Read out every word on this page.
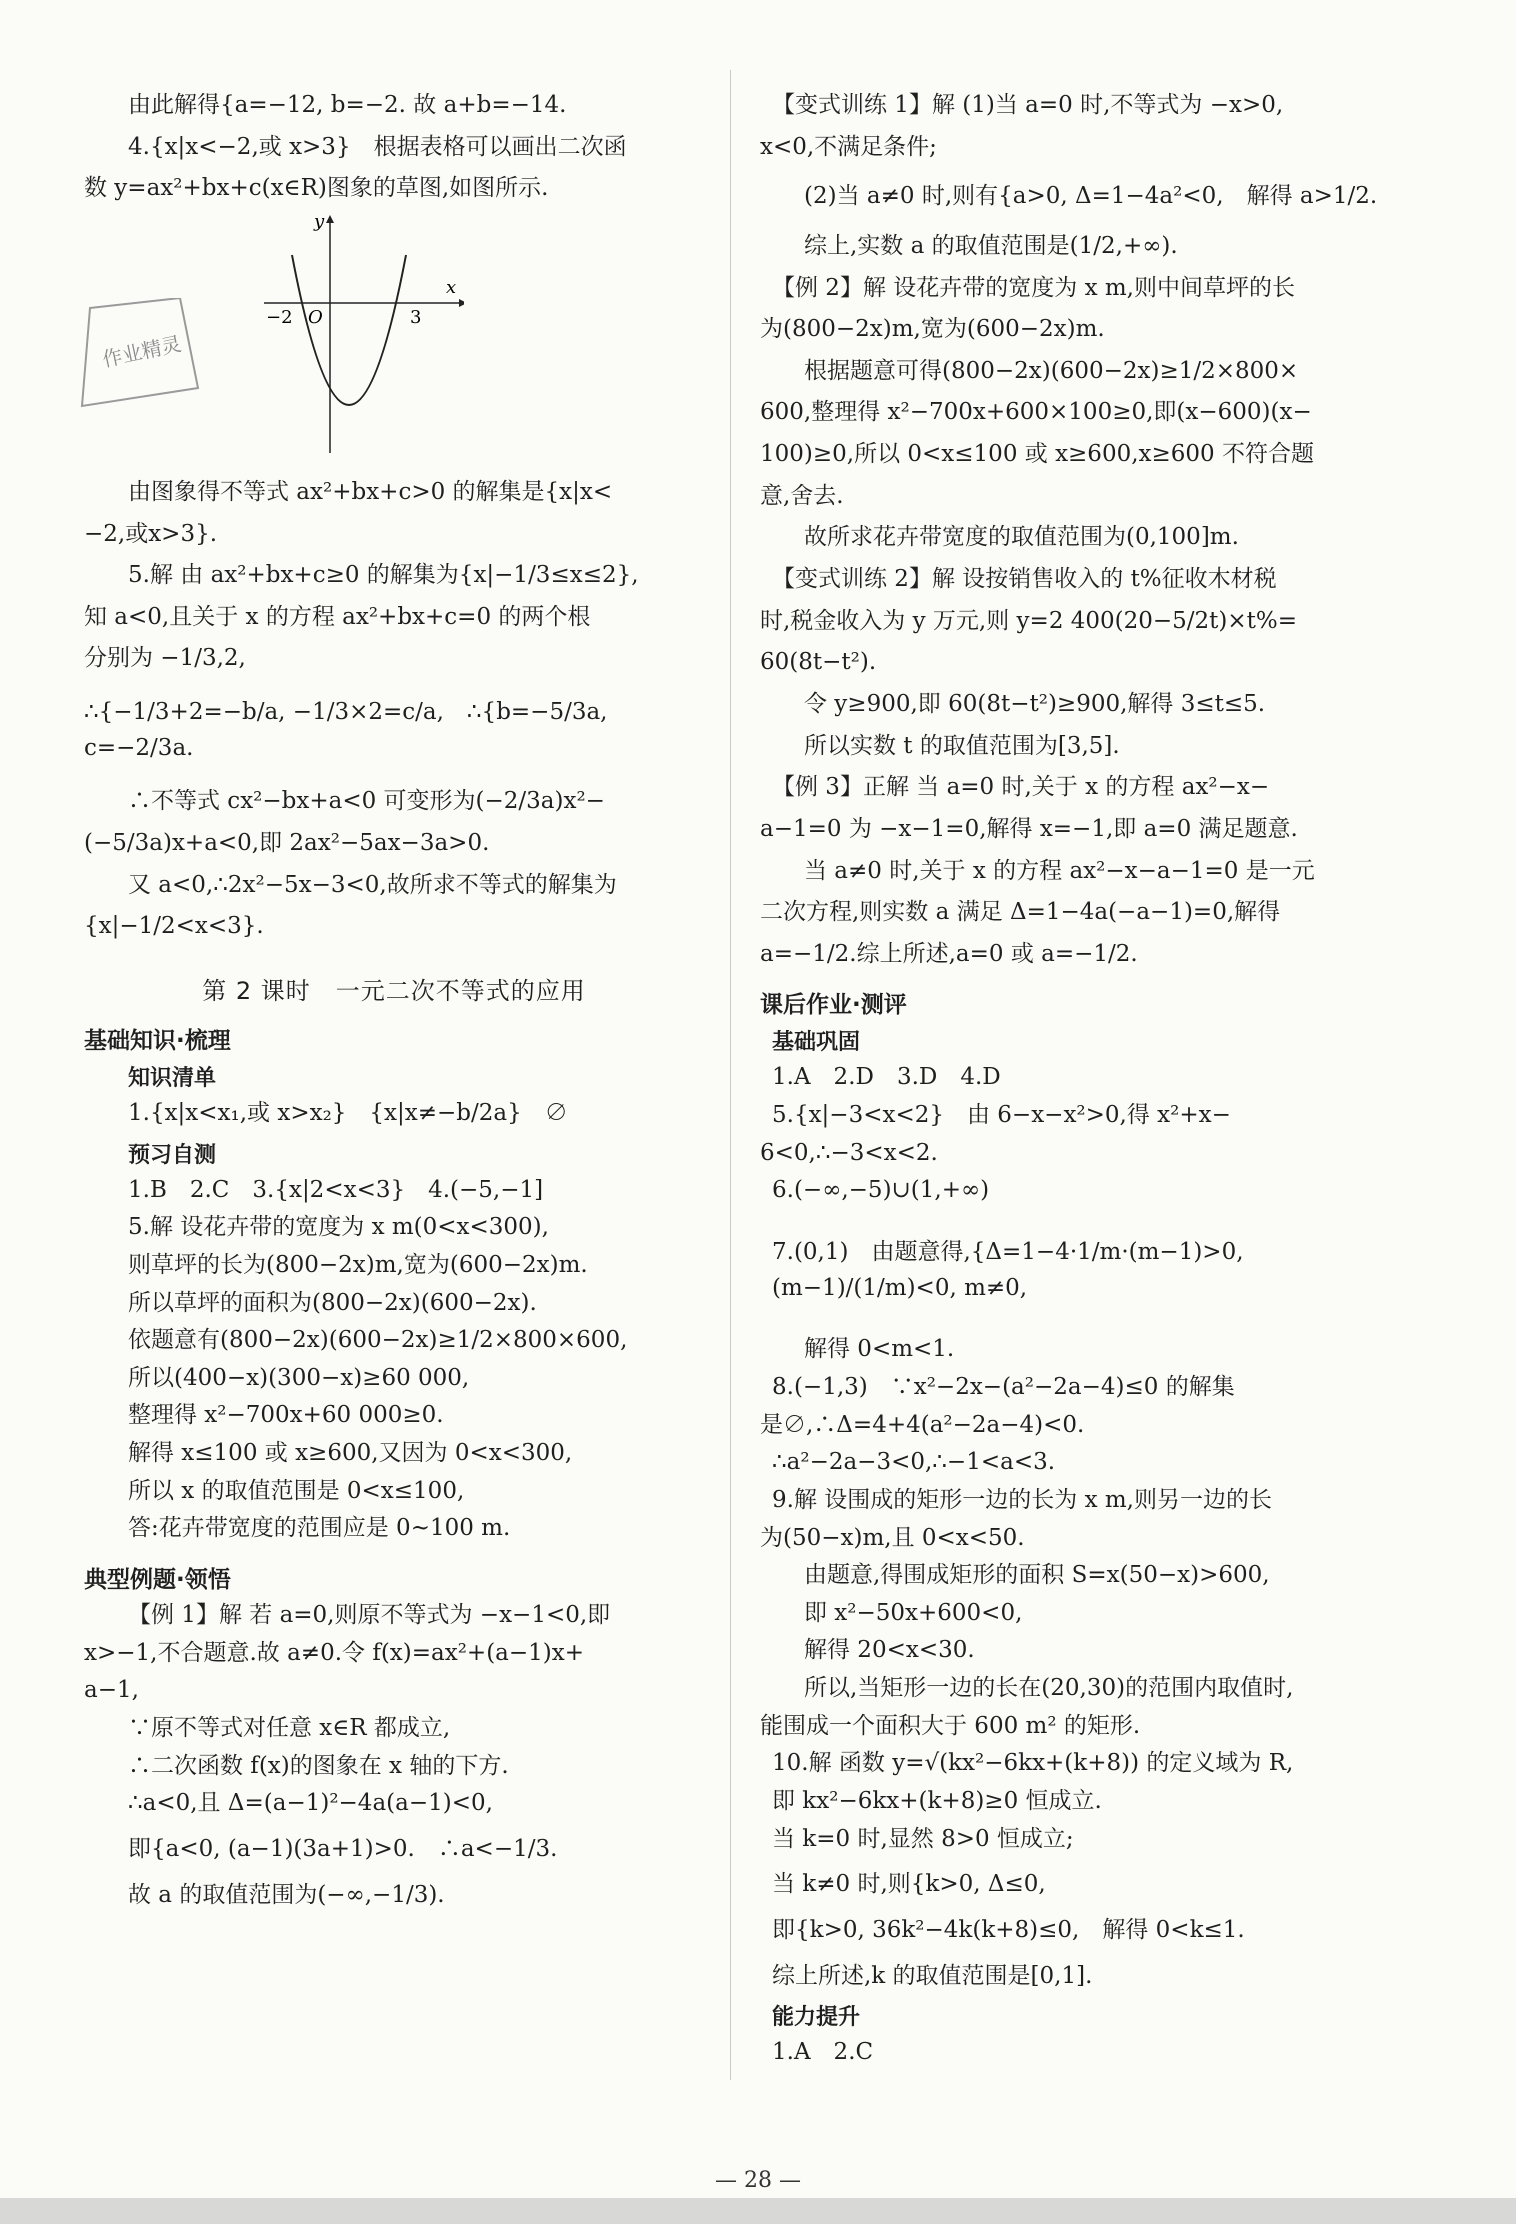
由此解得{a=−12, b=−2. 故 a+b=−14.

4.{x|x<−2,或 x>3}　根据表格可以画出二次函

数 y=ax²+bx+c(x∈R)图象的草图,如图所示.

y
x
O
−2	3

由图象得不等式 ax²+bx+c>0 的解集是{x|x<

−2,或x>3}.

5.解 由 ax²+bx+c≥0 的解集为{x|−1/3≤x≤2},

知 a<0,且关于 x 的方程 ax²+bx+c=0 的两个根

分别为 −1/3,2,

∴{−1/3+2=−b/a, −1/3×2=c/a,　∴{b=−5/3a, c=−2/3a.

∴不等式 cx²−bx+a<0 可变形为(−2/3a)x²−

(−5/3a)x+a<0,即 2ax²−5ax−3a>0.

又 a<0,∴2x²−5x−3<0,故所求不等式的解集为

{x|−1/2<x<3}.

第 2 课时　一元二次不等式的应用
基础知识·梳理
知识清单

1.{x|x<x₁,或 x>x₂}　{x|x≠−b/2a}　∅

预习自测

1.B　2.C　3.{x|2<x<3}　4.(−5,−1]

5.解 设花卉带的宽度为 x m(0<x<300),

则草坪的长为(800−2x)m,宽为(600−2x)m.

所以草坪的面积为(800−2x)(600−2x).

依题意有(800−2x)(600−2x)≥1/2×800×600,

所以(400−x)(300−x)≥60 000,

整理得 x²−700x+60 000≥0.

解得 x≤100 或 x≥600,又因为 0<x<300,

所以 x 的取值范围是 0<x≤100,

答:花卉带宽度的范围应是 0~100 m.

典型例题·领悟

【例 1】解 若 a=0,则原不等式为 −x−1<0,即

x>−1,不合题意.故 a≠0.令 f(x)=ax²+(a−1)x+

a−1,

∵原不等式对任意 x∈R 都成立,

∴二次函数 f(x)的图象在 x 轴的下方.

∴a<0,且 Δ=(a−1)²−4a(a−1)<0,

即{a<0, (a−1)(3a+1)>0.　∴a<−1/3.

故 a 的取值范围为(−∞,−1/3).

作业精灵

【变式训练 1】解 (1)当 a=0 时,不等式为 −x>0,

x<0,不满足条件;

(2)当 a≠0 时,则有{a>0, Δ=1−4a²<0,　解得 a>1/2.

综上,实数 a 的取值范围是(1/2,+∞).

【例 2】解 设花卉带的宽度为 x m,则中间草坪的长

为(800−2x)m,宽为(600−2x)m.

根据题意可得(800−2x)(600−2x)≥1/2×800×

600,整理得 x²−700x+600×100≥0,即(x−600)(x−

100)≥0,所以 0<x≤100 或 x≥600,x≥600 不符合题

意,舍去.

故所求花卉带宽度的取值范围为(0,100]m.

【变式训练 2】解 设按销售收入的 t%征收木材税

时,税金收入为 y 万元,则 y=2 400(20−5/2t)×t%=

60(8t−t²).

令 y≥900,即 60(8t−t²)≥900,解得 3≤t≤5.

所以实数 t 的取值范围为[3,5].

【例 3】正解 当 a=0 时,关于 x 的方程 ax²−x−

a−1=0 为 −x−1=0,解得 x=−1,即 a=0 满足题意.

当 a≠0 时,关于 x 的方程 ax²−x−a−1=0 是一元

二次方程,则实数 a 满足 Δ=1−4a(−a−1)=0,解得

a=−1/2.综上所述,a=0 或 a=−1/2.

课后作业·测评
基础巩固

1.A　2.D　3.D　4.D

5.{x|−3<x<2}　由 6−x−x²>0,得 x²+x−

6<0,∴−3<x<2.

6.(−∞,−5)∪(1,+∞)

7.(0,1)　由题意得,{Δ=1−4·1/m·(m−1)>0, (m−1)/(1/m)<0, m≠0,

解得 0<m<1.

8.(−1,3)　∵x²−2x−(a²−2a−4)≤0 的解集

是∅,∴Δ=4+4(a²−2a−4)<0.

∴a²−2a−3<0,∴−1<a<3.

9.解 设围成的矩形一边的长为 x m,则另一边的长

为(50−x)m,且 0<x<50.

由题意,得围成矩形的面积 S=x(50−x)>600,

即 x²−50x+600<0,

解得 20<x<30.

所以,当矩形一边的长在(20,30)的范围内取值时,

能围成一个面积大于 600 m² 的矩形.

10.解 函数 y=√(kx²−6kx+(k+8)) 的定义域为 R,

即 kx²−6kx+(k+8)≥0 恒成立.

当 k=0 时,显然 8>0 恒成立;

当 k≠0 时,则{k>0, Δ≤0,

即{k>0, 36k²−4k(k+8)≤0,　解得 0<k≤1.

综上所述,k 的取值范围是[0,1].

能力提升

1.A　2.C

— 28 —
